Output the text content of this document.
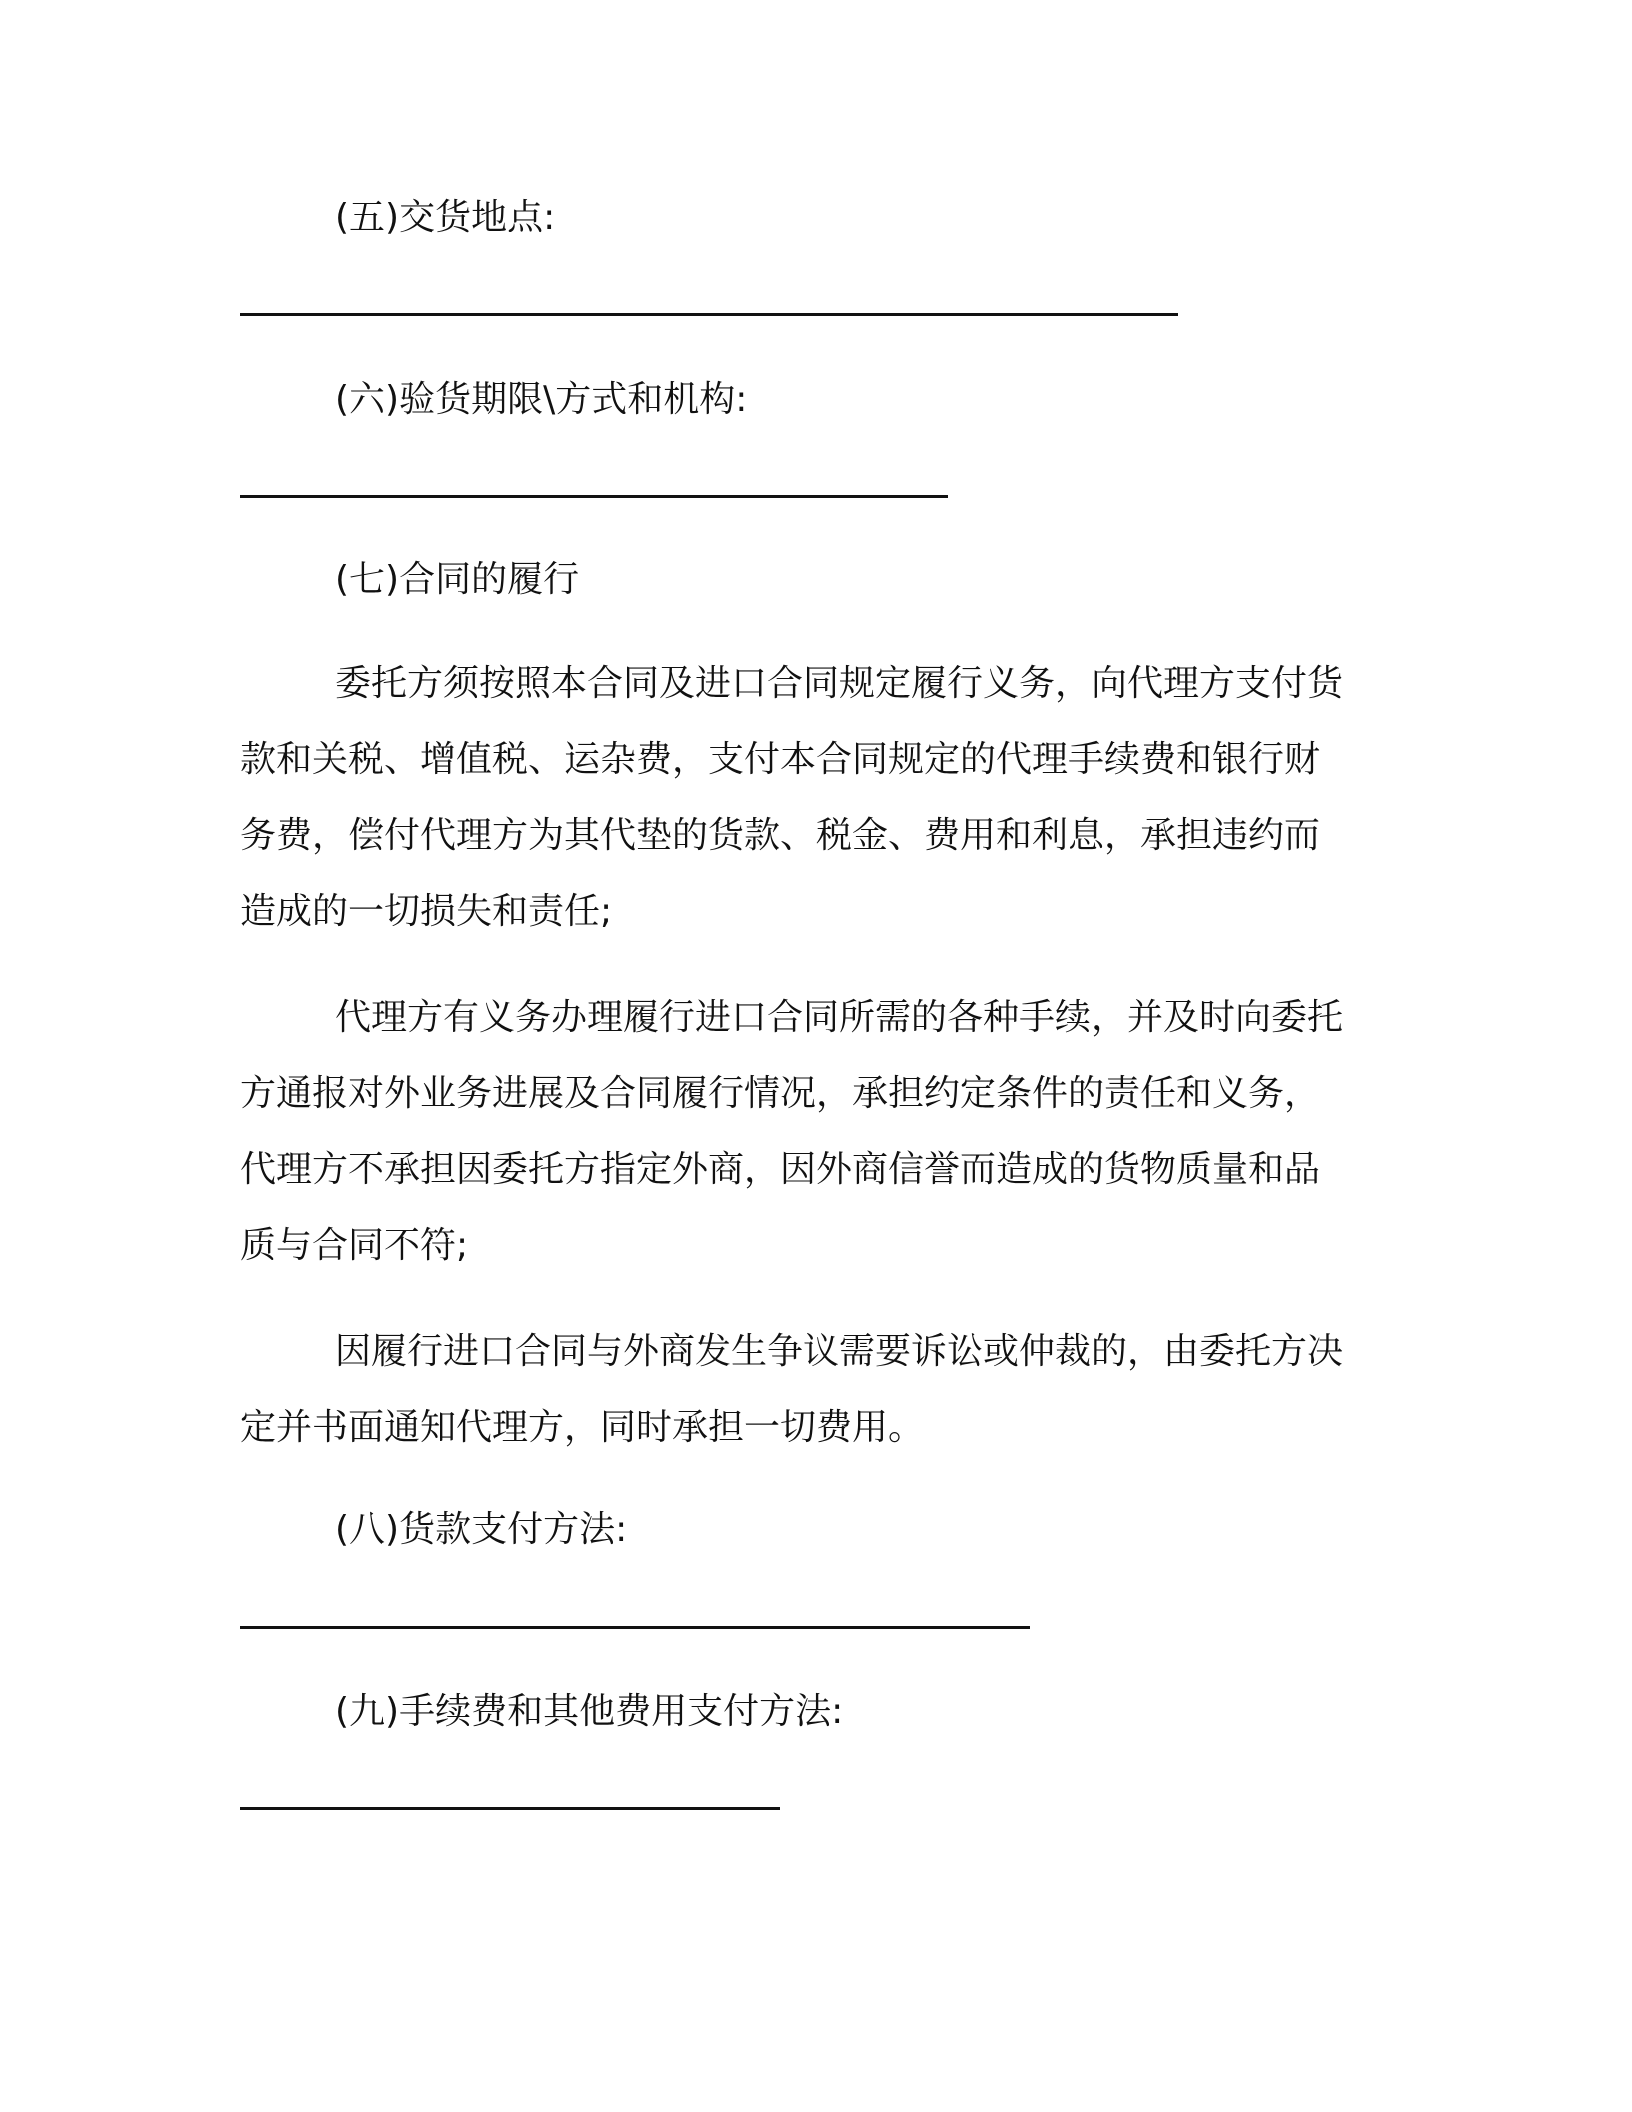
(五)交货地点:
(六)验货期限\方式和机构:
(七)合同的履行
委托方须按照本合同及进口合同规定履行义务，向代理方支付货
款和关税、增值税、运杂费，支付本合同规定的代理手续费和银行财
务费，偿付代理方为其代垫的货款、税金、费用和利息，承担违约而
造成的一切损失和责任;
代理方有义务办理履行进口合同所需的各种手续，并及时向委托
方通报对外业务进展及合同履行情况，承担约定条件的责任和义务，
代理方不承担因委托方指定外商，因外商信誉而造成的货物质量和品
质与合同不符;
因履行进口合同与外商发生争议需要诉讼或仲裁的，由委托方决
定并书面通知代理方，同时承担一切费用。
(八)货款支付方法:
(九)手续费和其他费用支付方法:
